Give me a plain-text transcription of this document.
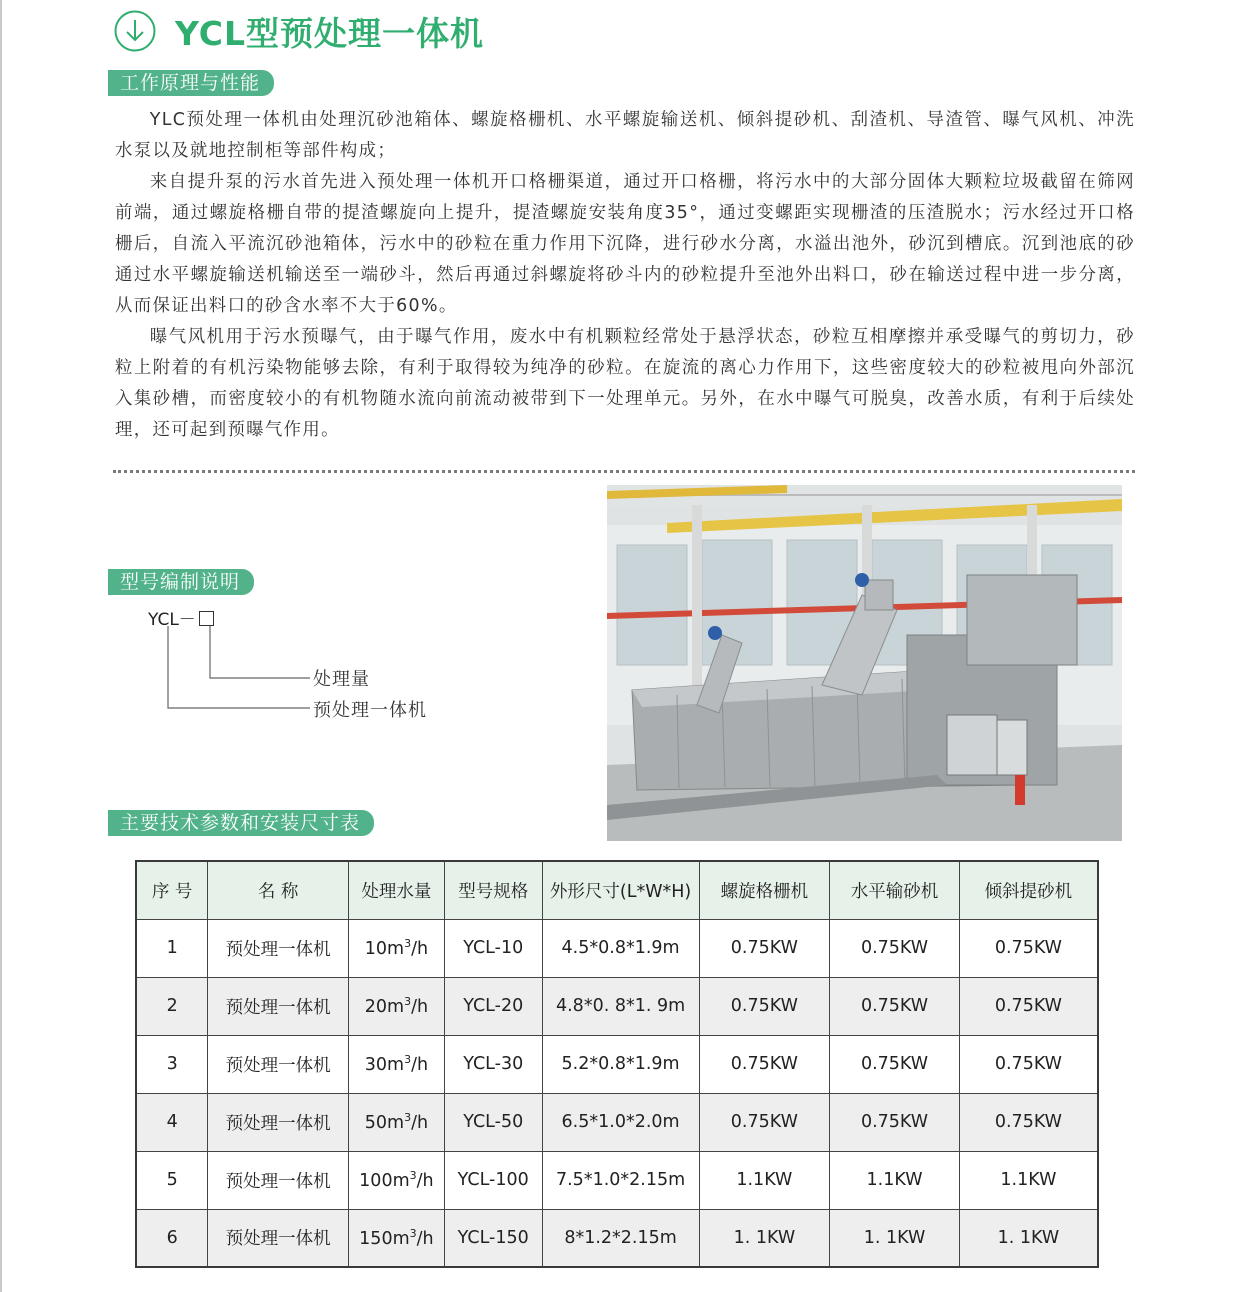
YCL型预处理一体机
工作原理与性能

YLC预处理一体机由处理沉砂池箱体、螺旋格栅机、水平螺旋输送机、倾斜提砂机、刮渣机、导渣管、曝气风机、冲洗水泵以及就地控制柜等部件构成；

来自提升泵的污水首先进入预处理一体机开口格栅渠道，通过开口格栅，将污水中的大部分固体大颗粒垃圾截留在筛网前端，通过螺旋格栅自带的提渣螺旋向上提升，提渣螺旋安装角度35°，通过变螺距实现栅渣的压渣脱水；污水经过开口格栅后，自流入平流沉砂池箱体，污水中的砂粒在重力作用下沉降，进行砂水分离，水溢出池外，砂沉到槽底。沉到池底的砂通过水平螺旋输送机输送至一端砂斗，然后再通过斜螺旋将砂斗内的砂粒提升至池外出料口，砂在输送过程中进一步分离，从而保证出料口的砂含水率不大于60%。

曝气风机用于污水预曝气，由于曝气作用，废水中有机颗粒经常处于悬浮状态，砂粒互相摩擦并承受曝气的剪切力，砂粒上附着的有机污染物能够去除，有利于取得较为纯净的砂粒。在旋流的离心力作用下，这些密度较大的砂粒被甩向外部沉入集砂槽，而密度较小的有机物随水流向前流动被带到下一处理单元。另外，在水中曝气可脱臭，改善水质，有利于后续处理，还可起到预曝气作用。

型号编制说明
YCL－
处理量
预处理一体机
主要技术参数和安装尺寸表
序 号	名 称	处理水量	型号规格	外形尺寸(L*W*H)	螺旋格栅机	水平输砂机	倾斜提砂机
1	预处理一体机	$10m^3/h$	YCL-10	4.5*0.8*1.9m	0.75KW	0.75KW	0.75KW
2	预处理一体机	$20m^3/h$	YCL-20	4.8*0. 8*1. 9m	0.75KW	0.75KW	0.75KW
3	预处理一体机	$30m^3/h$	YCL-30	5.2*0.8*1.9m	0.75KW	0.75KW	0.75KW
4	预处理一体机	$50m^3/h$	YCL-50	6.5*1.0*2.0m	0.75KW	0.75KW	0.75KW
5	预处理一体机	$100m^3/h$	YCL-100	7.5*1.0*2.15m	1.1KW	1.1KW	1.1KW
6	预处理一体机	$150m^3/h$	YCL-150	8*1.2*2.15m	1. 1KW	1. 1KW	1. 1KW
